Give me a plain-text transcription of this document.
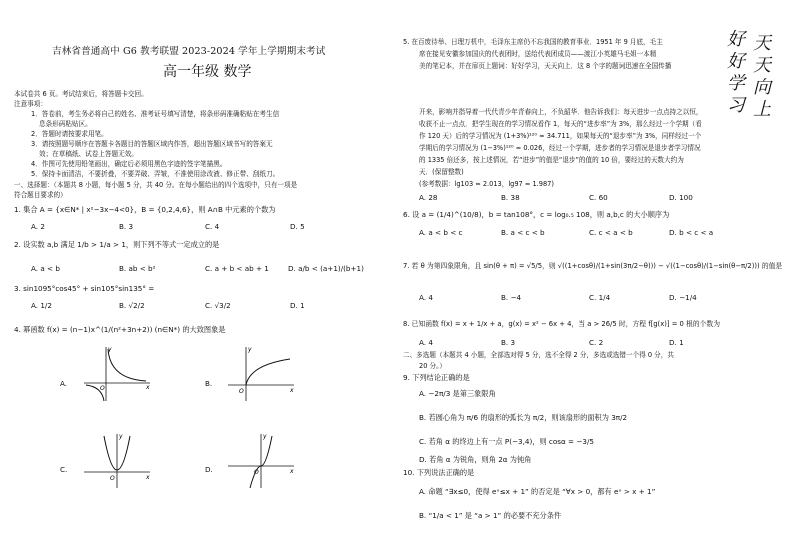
吉林省普通高中 G6 教考联盟 2023-2024 学年上学期期末考试
高一年级 数学
本试卷共 6 页。考试结束后，将答题卡交回。
注意事项：
1．答卷前，考生务必将自己的姓名、准考证号填写清楚，将条形码准确粘贴在考生信
息条形码粘贴区。
2．答题时请按要求用笔。
3．请按照题号顺序在答题卡各题目的答题区域内作答，超出答题区域书写的答案无
效；在草稿纸、试卷上答题无效。
4．作图可先使用铅笔画出，确定后必须用黑色字迹的签字笔描黑。
5．保持卡面清洁，不要折叠，不要弄破、弄皱，不准使用涂改液、修正带、刮纸刀。
一、选择题：（本题共 8 小题，每小题 5 分，共 40 分。在每小题给出的四个选项中，只有一项是
符合题目要求的）
1. 集合 A = {x∈N* | x²−3x−4<0}，B = {0,2,4,6}，则 A∩B 中元素的个数为
A. 2	B. 3	C. 4	D. 5
2. 设实数 a,b 满足 1/b > 1/a > 1，则下列不等式一定成立的是
A. a < b	B. ab < b²	C. a + b < ab + 1	D. a/b < (a+1)/(b+1)
3. sin1095°cos45° + sin105°sin135° =
A. 1/2	B. √2/2	C. √3/2	D. 1
4. 幂函数 f(x) = (n−1)x^(1/(n²+3n+2)) (n∈N*) 的大致图象是
A.
y
x
O
B.
y
x
O
C.
y
x
O
D.
y
x
O
5. 在百废待举、日理万机中，毛泽东主席仍不忘我国的教育事业．1951 年 9 月底，毛主
席在接见安徽参加国庆的代表团时，送给代表团成员——渡江小英雄马毛姐一本精
美的笔记本，并在扉页上题词：好好学习，天天向上．这 8 个字的题词迅速在全国传播
开来，影响并指导着一代代青少年青春向上，不负韶华．他告诉我们：每天进步一点点持之以恒，
收获不止一点点．把学生现在的学习情况看作 1，每天的“进步率”为 3%，那么经过一个学期（看
作 120 天）后的学习情况为 (1+3%)¹²⁰ ≈ 34.711，如果每天的“退步率”为 3%，同样经过一个
学期后的学习情况为 (1−3%)¹²⁰ ≈ 0.026，经过一个学期，进步者的学习情况是退步者学习情况
的 1335 倍还多，按上述情况，若“进步”的值是“退步”的值的 10 倍，要经过的天数大约为
天．(保留整数)
(参考数据：lg103 ≈ 2.013，lg97 ≈ 1.987)
A. 28	B. 38	C. 60	D. 100
6. 设 a = (1/4)^(10/8)，b = tan108°，c = log₀.₅ 108，则 a,b,c 的大小顺序为
A. a < b < c	B. a < c < b	C. c < a < b	D. b < c < a
7. 若 θ 为第四象限角，且 sin(θ + π) = √5/5，则 √((1+cosθ)/(1+sin(3π/2−θ))) − √((1−cosθ)/(1−sin(θ−π/2))) 的值是
A. 4	B. −4	C. 1/4	D. −1/4
8. 已知函数 f(x) = x + 1/x + a，g(x) = x² − 6x + 4，当 a > 26/5 时，方程 f[g(x)] = 0 根的个数为
A. 4	B. 3	C. 2	D. 1
二、多选题（本题共 4 小题，全部选对得 5 分，选不全得 2 分，多选或选错一个得 0 分，共
20 分。）
9. 下列结论正确的是
A. −2π/3 是第三象限角
B. 若圆心角为 π/6 的扇形的弧长为 π/2，则该扇形的面积为 3π/2
C. 若角 α 的终边上有一点 P(−3,4)，则 cosα = −3/5
D. 若角 α 为锐角，则角 2α 为钝角
10. 下列说法正确的是
A. 命题 “∃x≤0，使得 eˣ≤x + 1” 的否定是 “∀x > 0，都有 eˣ > x + 1”
B. “1/a < 1” 是 “a > 1” 的必要不充分条件
天
天
向
上
好
好
学
习
